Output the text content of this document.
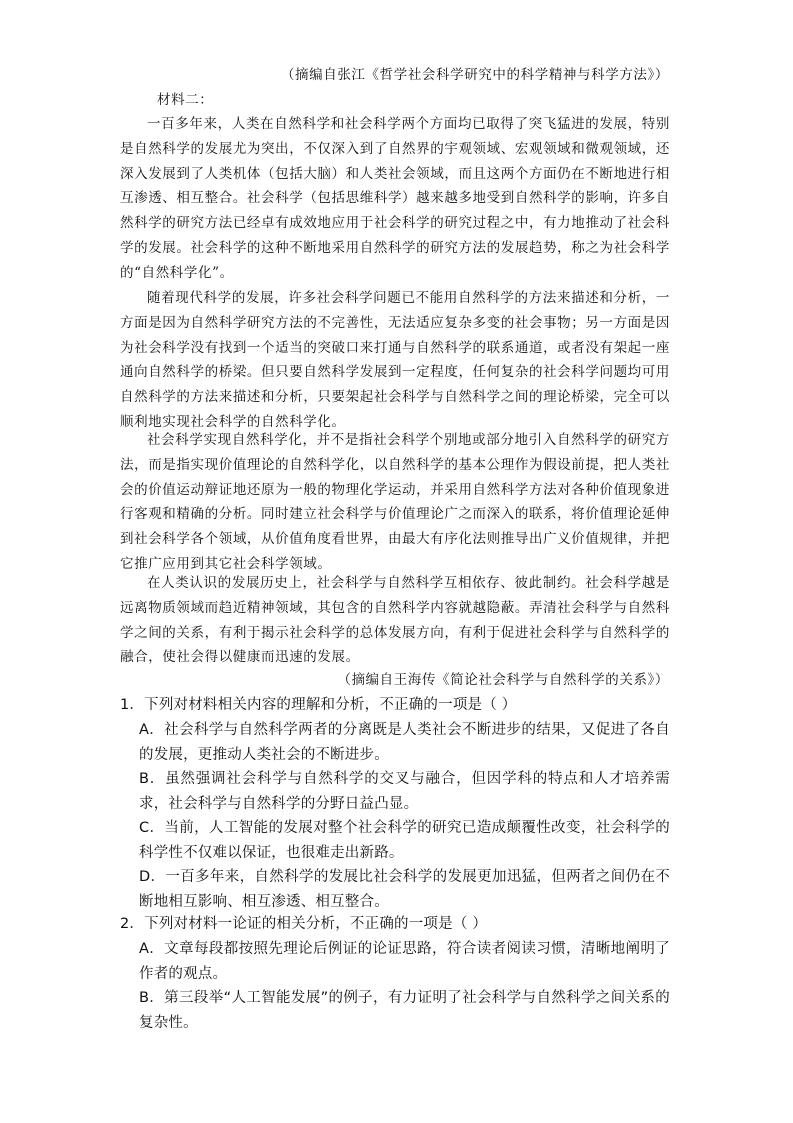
（摘编自张江《哲学社会科学研究中的科学精神与科学方法》）
材料二：

一百多年来，人类在自然科学和社会科学两个方面均已取得了突飞猛进的发展，特别是自然科学的发展尤为突出，不仅深入到了自然界的宇观领域、宏观领域和微观领域，还深入发展到了人类机体（包括大脑）和人类社会领域，而且这两个方面仍在不断地进行相互渗透、相互整合。社会科学（包括思维科学）越来越多地受到自然科学的影响，许多自然科学的研究方法已经卓有成效地应用于社会科学的研究过程之中，有力地推动了社会科学的发展。社会科学的这种不断地采用自然科学的研究方法的发展趋势，称之为社会科学的“自然科学化”。

随着现代科学的发展，许多社会科学问题已不能用自然科学的方法来描述和分析，一方面是因为自然科学研究方法的不完善性，无法适应复杂多变的社会事物；另一方面是因为社会科学没有找到一个适当的突破口来打通与自然科学的联系通道，或者没有架起一座通向自然科学的桥梁。但只要自然科学发展到一定程度，任何复杂的社会科学问题均可用自然科学的方法来描述和分析，只要架起社会科学与自然科学之间的理论桥梁，完全可以顺利地实现社会科学的自然科学化。

社会科学实现自然科学化，并不是指社会科学个别地或部分地引入自然科学的研究方法，而是指实现价值理论的自然科学化，以自然科学的基本公理作为假设前提，把人类社会的价值运动辩证地还原为一般的物理化学运动，并采用自然科学方法对各种价值现象进行客观和精确的分析。同时建立社会科学与价值理论广之而深入的联系，将价值理论延伸到社会科学各个领域，从价值角度看世界，由最大有序化法则推导出广义价值规律，并把它推广应用到其它社会科学领域。

在人类认识的发展历史上，社会科学与自然科学互相依存、彼此制约。社会科学越是远离物质领域而趋近精神领域，其包含的自然科学内容就越隐蔽。弄清社会科学与自然科学之间的关系，有利于揭示社会科学的总体发展方向，有利于促进社会科学与自然科学的融合，使社会得以健康而迅速的发展。

（摘编自王海传《简论社会科学与自然科学的关系》）

1．下列对材料相关内容的理解和分析，不正确的一项是（ ）

A．社会科学与自然科学两者的分离既是人类社会不断进步的结果，又促进了各自的发展，更推动人类社会的不断进步。

B．虽然强调社会科学与自然科学的交叉与融合，但因学科的特点和人才培养需求，社会科学与自然科学的分野日益凸显。

C．当前，人工智能的发展对整个社会科学的研究已造成颠覆性改变，社会科学的科学性不仅难以保证，也很难走出新路。

D．一百多年来，自然科学的发展比社会科学的发展更加迅猛，但两者之间仍在不断地相互影响、相互渗透、相互整合。

2．下列对材料一论证的相关分析，不正确的一项是（ ）

A．文章每段都按照先理论后例证的论证思路，符合读者阅读习惯，清晰地阐明了作者的观点。

B．第三段举“人工智能发展”的例子，有力证明了社会科学与自然科学之间关系的复杂性。
